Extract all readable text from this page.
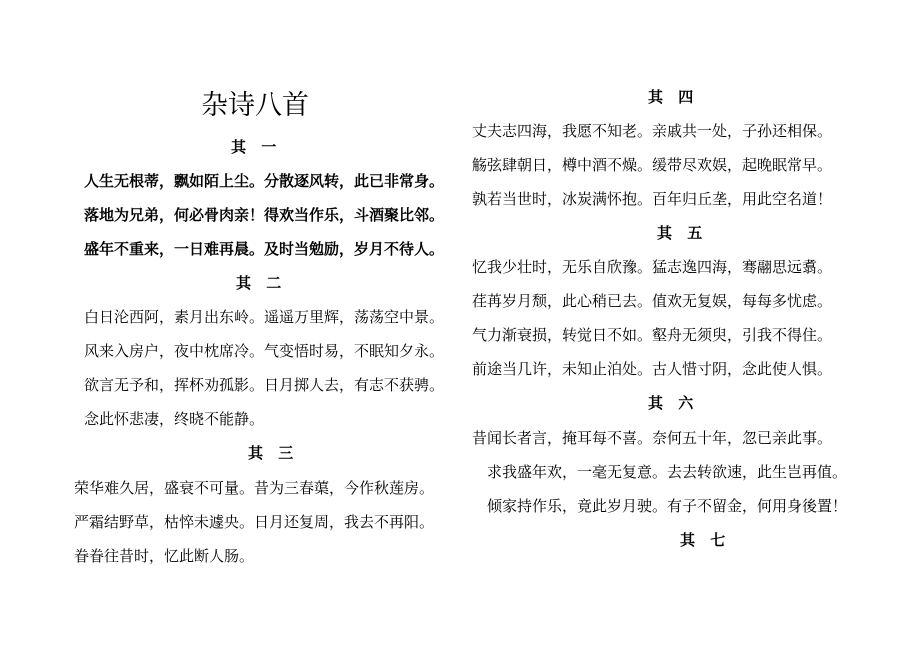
杂诗八首
其 一
人生无根蒂，飘如陌上尘。分散逐风转，此已非常身。
落地为兄弟，何必骨肉亲！得欢当作乐，斗酒聚比邻。
盛年不重来，一日难再晨。及时当勉励，岁月不待人。
其 二
白日沦西阿，素月出东岭。遥遥万里辉，荡荡空中景。
风来入房户，夜中枕席冷。气变悟时易，不眠知夕永。
欲言无予和，挥杯劝孤影。日月掷人去，有志不获骋。
念此怀悲凄，终晓不能静。
其 三
荣华难久居，盛衰不可量。昔为三春蕖，今作秋莲房。
严霜结野草，枯悴未遽央。日月还复周，我去不再阳。
眷眷往昔时，忆此断人肠。
其 四
丈夫志四海，我愿不知老。亲戚共一处，子孙还相保。
觞弦肆朝日，樽中酒不燥。缓带尽欢娱，起晚眠常早。
孰若当世时，冰炭满怀抱。百年归丘垄，用此空名道！
其 五
忆我少壮时，无乐自欣豫。猛志逸四海，骞翮思远翥。
荏苒岁月颓，此心稍已去。值欢无复娱，每每多忧虑。
气力渐衰损，转觉日不如。壑舟无须臾，引我不得住。
前途当几许，未知止泊处。古人惜寸阴，念此使人惧。
其 六
昔闻长者言，掩耳每不喜。奈何五十年，忽已亲此事。
求我盛年欢，一毫无复意。去去转欲速，此生岂再值。
倾家持作乐，竟此岁月驶。有子不留金，何用身後置！
其 七
